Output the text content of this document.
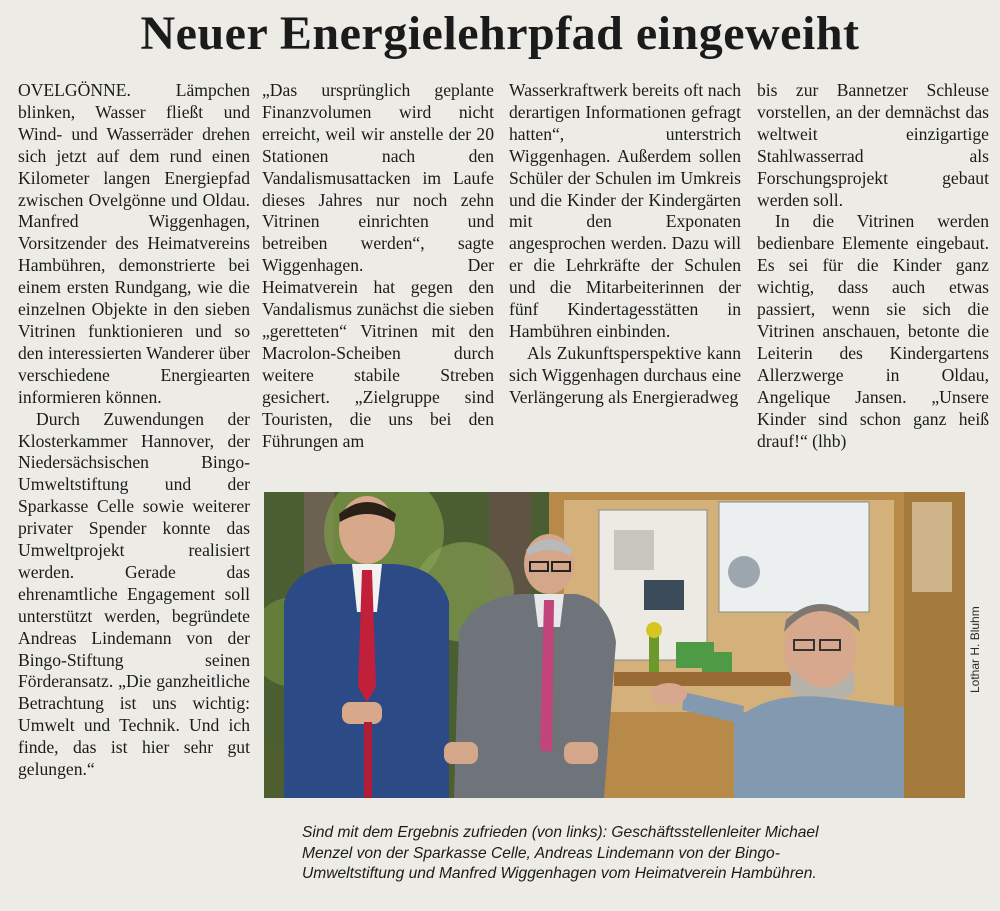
Neuer Energielehrpfad eingeweiht

OVELGÖNNE. Lämpchen blinken, Wasser fließt und Wind- und Wasserräder drehen sich jetzt auf dem rund einen Kilometer langen Energiepfad zwischen Ovelgönne und Oldau. Manfred Wiggenhagen, Vorsitzender des Heimatvereins Hambühren, demonstrierte bei einem ersten Rundgang, wie die einzelnen Objekte in den sieben Vitrinen funktionieren und so den interessierten Wanderer über verschiedene Energiearten informieren können.

Durch Zuwendungen der Klosterkammer Hannover, der Niedersächsischen Bingo-Umweltstiftung und der Sparkasse Celle sowie weiterer privater Spender konnte das Umweltprojekt realisiert werden. Gerade das ehrenamtliche Engagement soll unterstützt werden, begründete Andreas Lindemann von der Bingo-Stiftung seinen Förderansatz. „Die ganzheitliche Betrachtung ist uns wichtig: Umwelt und Technik. Und ich finde, das ist hier sehr gut gelungen.“

„Das ursprünglich geplante Finanzvolumen wird nicht erreicht, weil wir anstelle der 20 Stationen nach den Vandalismusattacken im Laufe dieses Jahres nur noch zehn Vitrinen einrichten und betreiben werden“, sagte Wiggenhagen. Der Heimatverein hat gegen den Vandalismus zunächst die sieben „geretteten“ Vitrinen mit den Macrolon-Scheiben durch weitere stabile Streben gesichert. „Zielgruppe sind Touristen, die uns bei den Führungen am

Wasserkraftwerk bereits oft nach derartigen Informationen gefragt hatten“, unterstrich Wiggenhagen. Außerdem sollen Schüler der Schulen im Umkreis und die Kinder der Kindergärten mit den Exponaten angesprochen werden. Dazu will er die Lehrkräfte der Schulen und die Mitarbeiterinnen der fünf Kindertagesstätten in Hambühren einbinden.

Als Zukunftsperspektive kann sich Wiggenhagen durchaus eine Verlängerung als Energieradweg

bis zur Bannetzer Schleuse vorstellen, an der demnächst das weltweit einzigartige Stahlwasserrad als Forschungsprojekt gebaut werden soll.

In die Vitrinen werden bedienbare Elemente eingebaut. Es sei für die Kinder ganz wichtig, dass auch etwas passiert, wenn sie sich die Vitrinen anschauen, betonte die Leiterin des Kindergartens Allerzwerge in Oldau, Angelique Jansen. „Unsere Kinder sind schon ganz heiß drauf!“ (lhb)

Lothar H. Bluhm

Sind mit dem Ergebnis zufrieden (von links): Geschäftsstellenleiter Michael

Menzel von der Sparkasse Celle, Andreas Lindemann von der Bingo-

Umweltstiftung und Manfred Wiggenhagen vom Heimatverein Hambühren.
